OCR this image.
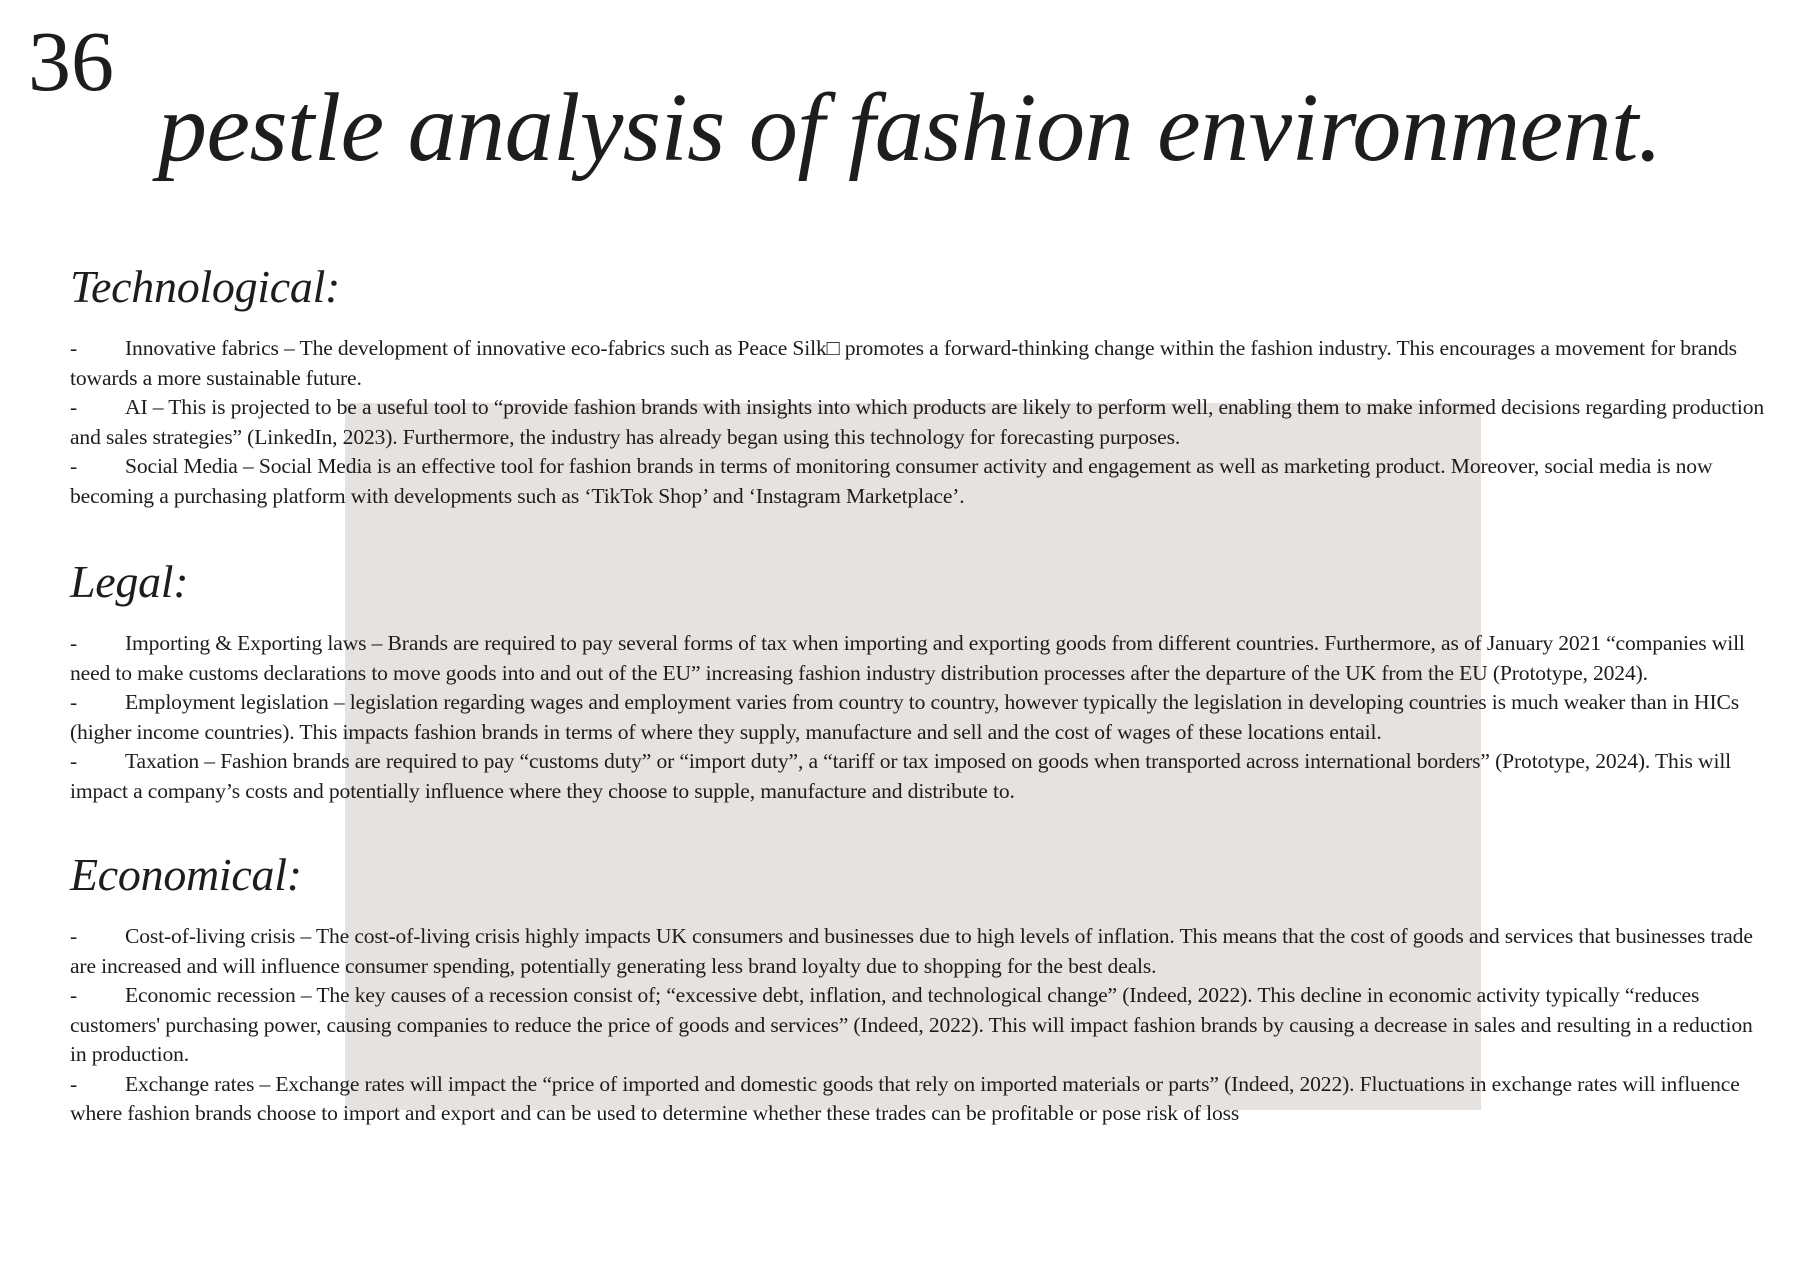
36
pestle analysis of fashion environment.
Technological:
- Innovative fabrics – The development of innovative eco-fabrics such as Peace Silk□ promotes a forward-thinking change within the fashion industry. This encourages a movement for brands towards a more sustainable future.
- AI – This is projected to be a useful tool to “provide fashion brands with insights into which products are likely to perform well, enabling them to make informed decisions regarding production and sales strategies” (LinkedIn, 2023). Furthermore, the industry has already began using this technology for forecasting purposes.
- Social Media – Social Media is an effective tool for fashion brands in terms of monitoring consumer activity and engagement as well as marketing product. Moreover, social media is now becoming a purchasing platform with developments such as ‘TikTok Shop’ and ‘Instagram Marketplace’.
Legal:
- Importing & Exporting laws – Brands are required to pay several forms of tax when importing and exporting goods from different countries. Furthermore, as of January 2021 “companies will need to make customs declarations to move goods into and out of the EU” increasing fashion industry distribution processes after the departure of the UK from the EU (Prototype, 2024).
- Employment legislation – legislation regarding wages and employment varies from country to country, however typically the legislation in developing countries is much weaker than in HICs (higher income countries). This impacts fashion brands in terms of where they supply, manufacture and sell and the cost of wages of these locations entail.
- Taxation – Fashion brands are required to pay “customs duty” or “import duty”, a “tariff or tax imposed on goods when transported across international borders” (Prototype, 2024). This will impact a company’s costs and potentially influence where they choose to supple, manufacture and distribute to.
Economical:
- Cost-of-living crisis – The cost-of-living crisis highly impacts UK consumers and businesses due to high levels of inflation. This means that the cost of goods and services that businesses trade are increased and will influence consumer spending, potentially generating less brand loyalty due to shopping for the best deals.
- Economic recession – The key causes of a recession consist of; “excessive debt, inflation, and technological change” (Indeed, 2022). This decline in economic activity typically “reduces customers' purchasing power, causing companies to reduce the price of goods and services” (Indeed, 2022). This will impact fashion brands by causing a decrease in sales and resulting in a reduction in production.
- Exchange rates – Exchange rates will impact the “price of imported and domestic goods that rely on imported materials or parts” (Indeed, 2022). Fluctuations in exchange rates will influence where fashion brands choose to import and export and can be used to determine whether these trades can be profitable or pose risk of loss
